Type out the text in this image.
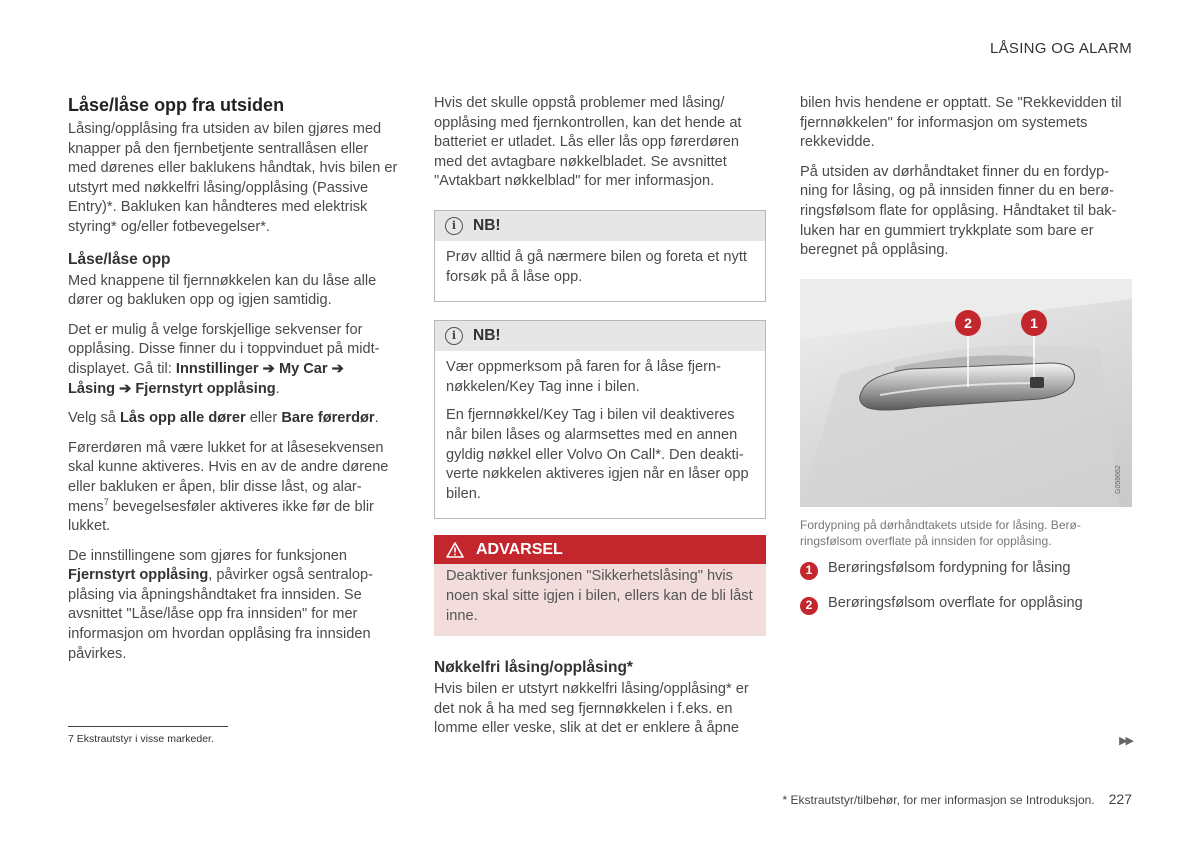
LÅSING OG ALARM
Låse/låse opp fra utsiden

Låsing/opplåsing fra utsiden av bilen gjøres med knapper på den fjernbetjente sentrallåsen eller med dørenes eller baklukens håndtak, hvis bilen er utstyrt med nøkkelfri låsing/opplåsing (Passive Entry)*. Bakluken kan håndteres med elektrisk styring* og/eller fotbevegelser*.

Låse/låse opp

Med knappene til fjernnøkkelen kan du låse alle dører og bakluken opp og igjen samtidig.

Det er mulig å velge forskjellige sekvenser for opplåsing. Disse finner du i toppvinduet på midt-displayet. Gå til: Innstillinger ➔ My Car ➔
Låsing ➔ Fjernstyrt opplåsing.

Velg så Lås opp alle dører eller Bare førerdør.

Førerdøren må være lukket for at låsesekvensen skal kunne aktiveres. Hvis en av de andre dørene eller bakluken er åpen, blir disse låst, og alar-mens$^7$ bevegelsesføler aktiveres ikke før de blir lukket.

De innstillingene som gjøres for funksjonen Fjernstyrt opplåsing, påvirker også sentralop-plåsing via åpningshåndtaket fra innsiden. Se avsnittet "Låse/låse opp fra innsiden" for mer informasjon om hvordan opplåsing fra innsiden påvirkes.

Hvis det skulle oppstå problemer med låsing/ opplåsing med fjernkontrollen, kan det hende at batteriet er utladet. Lås eller lås opp førerdøren med det avtagbare nøkkelbladet. Se avsnittet "Avtakbart nøkkelblad" for mer informasjon.

i	NB!

Prøv alltid å gå nærmere bilen og foreta et nytt forsøk på å låse opp.

i	NB!

Vær oppmerksom på faren for å låse fjern-nøkkelen/Key Tag inne i bilen.

En fjernnøkkel/Key Tag i bilen vil deaktiveres når bilen låses og alarmsettes med en annen gyldig nøkkel eller Volvo On Call*. Den deakti-verte nøkkelen aktiveres igjen når en låser opp bilen.

ADVARSEL
Deaktiver funksjonen "Sikkerhetslåsing" hvis noen skal sitte igjen i bilen, ellers kan de bli låst inne.
Nøkkelfri låsing/opplåsing*

Hvis bilen er utstyrt nøkkelfri låsing/opplåsing* er det nok å ha med seg fjernnøkkelen i f.eks. en lomme eller veske, slik at det er enklere å åpne

bilen hvis hendene er opptatt. Se "Rekkevidden til fjernnøkkelen" for informasjon om systemets rekkevidde.

På utsiden av dørhåndtaket finner du en fordyp-ning for låsing, og på innsiden finner du en berø-ringsfølsom flate for opplåsing. Håndtaket til bak-luken har en gummiert trykkplate som bare er beregnet på opplåsing.

2	1
G056662
Fordypning på dørhåndtakets utside for låsing. Berø-ringsfølsom overflate på innsiden for opplåsing.
1	Berøringsfølsom fordypning for låsing
2	Berøringsfølsom overflate for opplåsing
7 Ekstrautstyr i visse markeder.	▶▶
* Ekstrautstyr/tilbehør, for mer informasjon se Introduksjon. 227
